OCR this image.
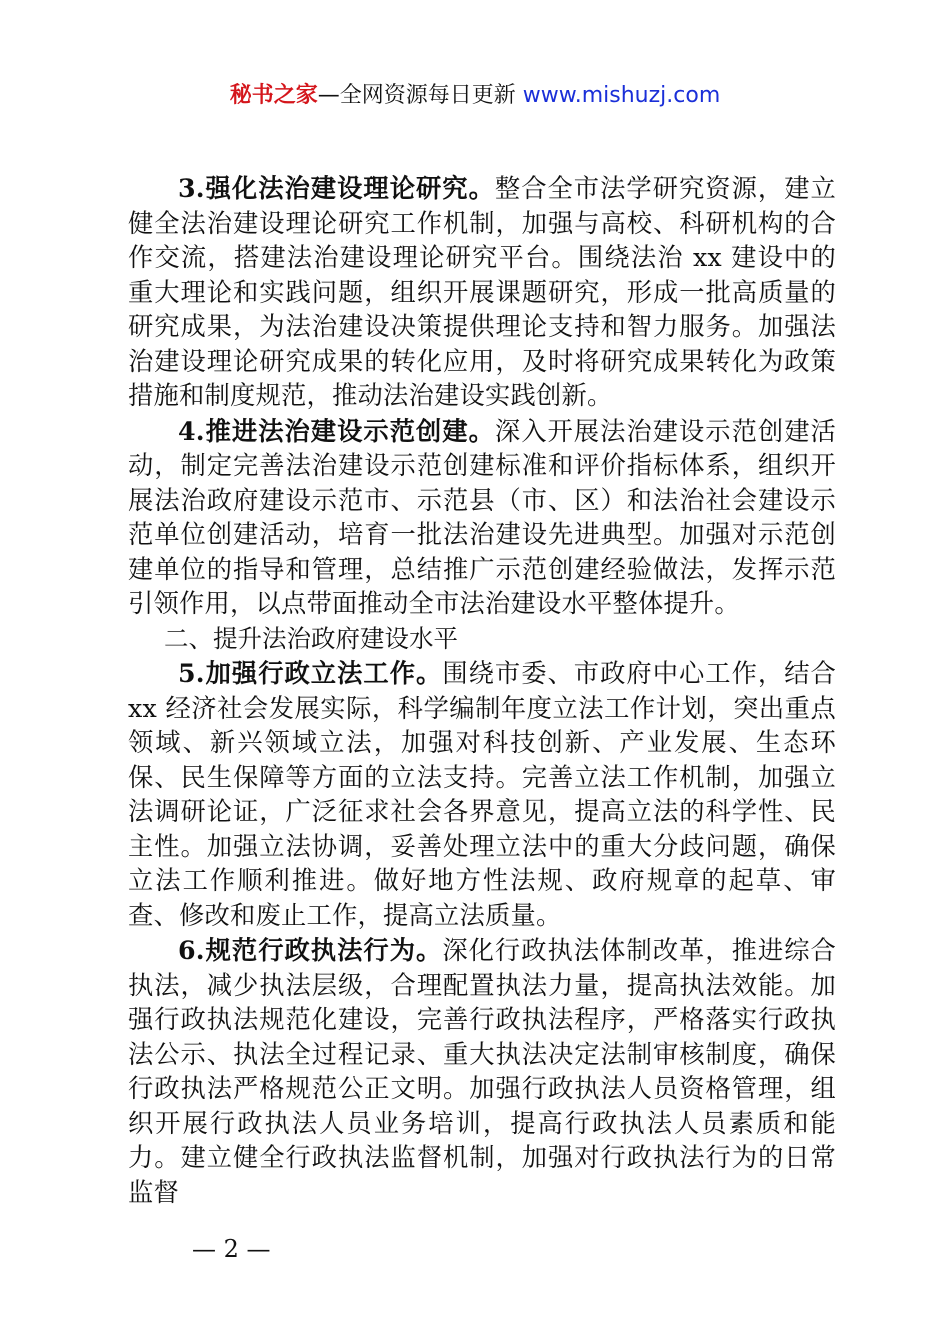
秘书之家—全网资源每日更新 www.mishuzj.com

3.强化法治建设理论研究。整合全市法学研究资源，建立健全法治建设理论研究工作机制，加强与高校、科研机构的合作交流，搭建法治建设理论研究平台。围绕法治 xx 建设中的重大理论和实践问题，组织开展课题研究，形成一批高质量的研究成果，为法治建设决策提供理论支持和智力服务。加强法治建设理论研究成果的转化应用，及时将研究成果转化为政策措施和制度规范，推动法治建设实践创新。

4.推进法治建设示范创建。深入开展法治建设示范创建活动，制定完善法治建设示范创建标准和评价指标体系，组织开展法治政府建设示范市、示范县（市、区）和法治社会建设示范单位创建活动，培育一批法治建设先进典型。加强对示范创建单位的指导和管理，总结推广示范创建经验做法，发挥示范引领作用，以点带面推动全市法治建设水平整体提升。

二、提升法治政府建设水平

5.加强行政立法工作。围绕市委、市政府中心工作，结合 xx 经济社会发展实际，科学编制年度立法工作计划，突出重点领域、新兴领域立法，加强对科技创新、产业发展、生态环保、民生保障等方面的立法支持。完善立法工作机制，加强立法调研论证，广泛征求社会各界意见，提高立法的科学性、民主性。加强立法协调，妥善处理立法中的重大分歧问题，确保立法工作顺利推进。做好地方性法规、政府规章的起草、审查、修改和废止工作，提高立法质量。

6.规范行政执法行为。深化行政执法体制改革，推进综合执法，减少执法层级，合理配置执法力量，提高执法效能。加强行政执法规范化建设，完善行政执法程序，严格落实行政执法公示、执法全过程记录、重大执法决定法制审核制度，确保行政执法严格规范公正文明。加强行政执法人员资格管理，组织开展行政执法人员业务培训，提高行政执法人员素质和能力。建立健全行政执法监督机制，加强对行政执法行为的日常监督

— 2 —
